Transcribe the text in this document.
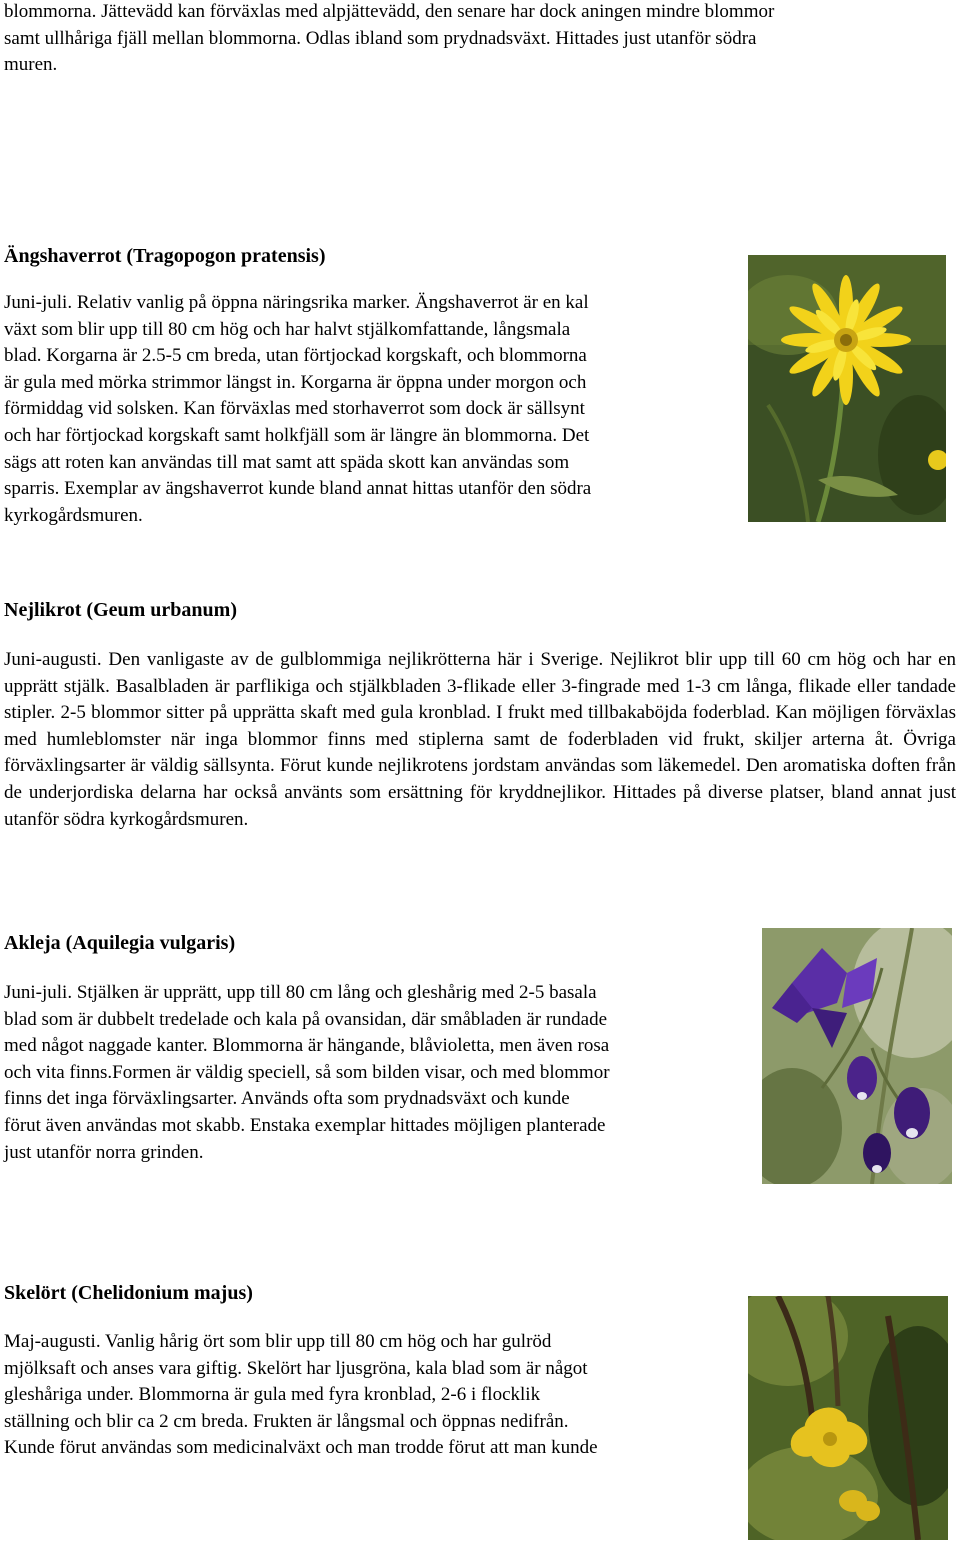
blommorna. Jättevädd kan förväxlas med alpjättevädd, den senare har dock aningen mindre blommor
samt ullhåriga fjäll mellan blommorna. Odlas ibland som prydnadsväxt. Hittades just utanför södra
muren.
Ängshaverrot (Tragopogon pratensis)
Juni-juli. Relativ vanlig på öppna näringsrika marker. Ängshaverrot är en kal
växt som blir upp till 80 cm hög och har halvt stjälkomfattande, långsmala
blad. Korgarna är 2.5-5 cm breda, utan förtjockad korgskaft, och blommorna
är gula med mörka strimmor längst in. Korgarna är öppna under morgon och
förmiddag vid solsken. Kan förväxlas med storhaverrot som dock är sällsynt
och har förtjockad korgskaft samt holkfjäll som är längre än blommorna. Det
sägs att roten kan användas till mat samt att späda skott kan användas som
sparris. Exemplar av ängshaverrot kunde bland annat hittas utanför den södra
kyrkogårdsmuren.
Nejlikrot (Geum urbanum)

Juni-augusti. Den vanligaste av de gulblommiga nejlikrötterna här i Sverige. Nejlikrot blir upp till 60 cm hög och har en upprätt stjälk. Basalbladen är parflikiga och stjälkbladen 3-flikade eller 3-fingrade med 1-3 cm långa, flikade eller tandade stipler. 2-5 blommor sitter på upprätta skaft med gula kronblad. I frukt med tillbakaböjda foderblad. Kan möjligen förväxlas med humleblomster när inga blommor finns med stiplerna samt de foderbladen vid frukt, skiljer arterna åt. Övriga förväxlingsarter är väldig sällsynta. Förut kunde nejlikrotens jordstam användas som läkemedel. Den aromatiska doften från de underjordiska delarna har också använts som ersättning för kryddnejlikor. Hittades på diverse platser, bland annat just utanför södra kyrkogårdsmuren.

Akleja (Aquilegia vulgaris)
Juni-juli. Stjälken är upprätt, upp till 80 cm lång och gleshårig med 2-5 basala
blad som är dubbelt tredelade och kala på ovansidan, där småbladen är rundade
med något naggade kanter. Blommorna är hängande, blåvioletta, men även rosa
och vita finns.Formen är väldig speciell, så som bilden visar, och med blommor
finns det inga förväxlingsarter. Används ofta som prydnadsväxt och kunde
förut även användas mot skabb. Enstaka exemplar hittades möjligen planterade
just utanför norra grinden.
Skelört (Chelidonium majus)
Maj-augusti. Vanlig hårig ört som blir upp till 80 cm hög och har gulröd
mjölksaft och anses vara giftig. Skelört har ljusgröna, kala blad som är något
gleshåriga under. Blommorna är gula med fyra kronblad, 2-6 i flocklik
ställning och blir ca 2 cm breda. Frukten är långsmal och öppnas nedifrån.
Kunde förut användas som medicinalväxt och man trodde förut att man kunde
